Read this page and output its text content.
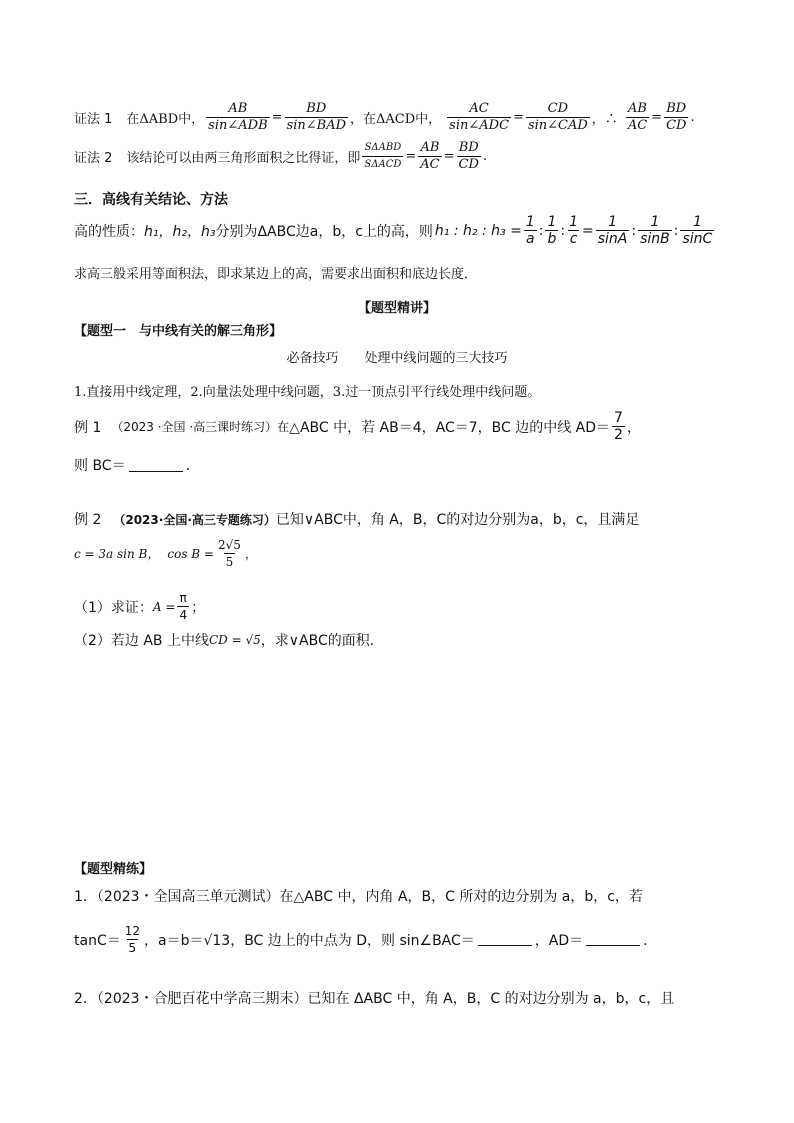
证法 1 在ΔABD中， $\frac{AB}{\text{sin∠ADB}} = \frac{BD}{\text{sin∠BAD}}$ ，在ΔACD中， $\frac{AC}{\text{sin∠ADC}} = \frac{CD}{\text{sin∠CAD}}$ ，∴ $\frac{AB}{AC} = \frac{BD}{CD}$ .
证法 2 该结论可以由两三角形面积之比得证，即 $\frac{\text{SΔABD}}{\text{SΔACD}} = \frac{AB}{AC} = \frac{BD}{CD}$ .
三．高线有关结论、方法
高的性质： h₁，h₂，h₃ 分别为ΔABC边a，b，c上的高，则 h₁ : h₂ : $h_3 = \frac{1}{a}$ : $\frac{1}{b}$ : $\frac{1}{c} = \frac{1}{\sin A}$ : $\frac{1}{\sin B}$ : $\frac{1}{\sin C}$
求高三般采用等面积法，即求某边上的高，需要求出面积和底边长度．
【题型精讲】
【题型一　与中线有关的解三角形】
必备技巧　　处理中线问题的三大技巧
1.直接用中线定理，2.向量法处理中线问题，3.过一顶点引平行线处理中线问题。
例 1 （2023 ·全国 ·高三课时练习）在 △ABC 中，若 AB＝4，AC＝7，BC 边的中线 $AD= \frac{7}{2}$ ，
则 BC＝	．
例 2 （2023·全国·高三专题练习） 已知∨ABC中，角 A，B，C的对边分别为a，b，c，且满足
c = 3a sin B， $\cos B = \frac{2√5}{5}$ ，
（1）求证： $A = \frac{\pi}{4}$ ；
（2）若边 AB 上中线 CD = √5 ，求∨ABC的面积．
【题型精练】
1．（2023・全国高三单元测试）在△ABC 中，内角 A，B，C 所对的边分别为 a，b，c，若
$\tan C= \frac{12}{5}$ ，a＝b＝√13，BC 边上的中点为 D，则 sin∠BAC＝	，AD＝	．
2．（2023・合肥百花中学高三期末）已知在 ΔABC 中，角 A，B，C 的对边分别为 a，b，c，且
